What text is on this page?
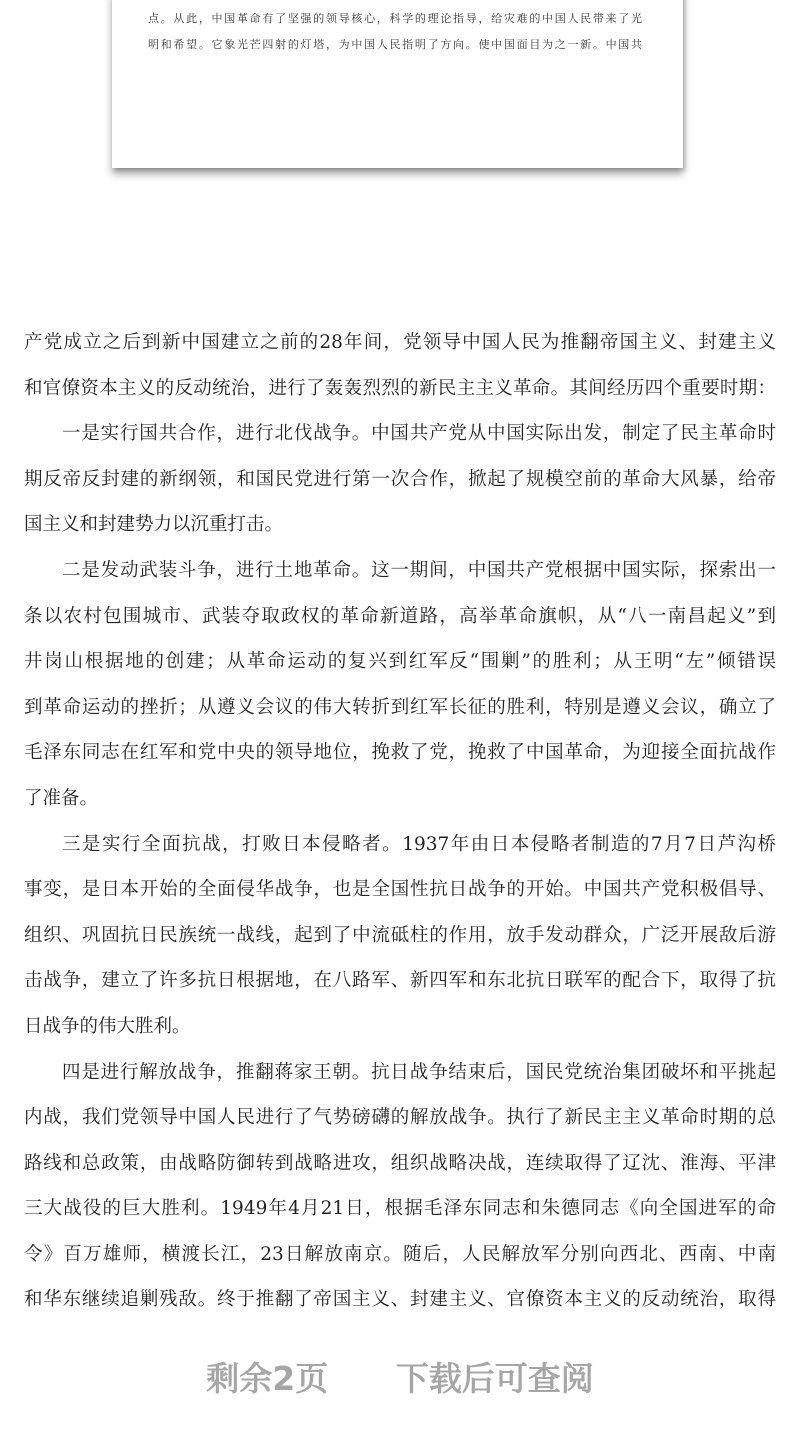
点。从此，中国革命有了坚强的领导核心，科学的理论指导，给灾难的中国人民带来了光
明和希望。它象光芒四射的灯塔，为中国人民指明了方向。使中国面目为之一新。中国共
产党成立之后到新中国建立之前的28年间，党领导中国人民为推翻帝国主义、封建主义
和官僚资本主义的反动统治，进行了轰轰烈烈的新民主主义革命。其间经历四个重要时期：
一是实行国共合作，进行北伐战争。中国共产党从中国实际出发，制定了民主革命时
期反帝反封建的新纲领，和国民党进行第一次合作，掀起了规模空前的革命大风暴，给帝
国主义和封建势力以沉重打击。
二是发动武装斗争，进行土地革命。这一期间，中国共产党根据中国实际，探索出一
条以农村包围城市、武装夺取政权的革命新道路，高举革命旗帜，从“八一南昌起义”到
井岗山根据地的创建；从革命运动的复兴到红军反“围剿”的胜利；从王明“左”倾错误
到革命运动的挫折；从遵义会议的伟大转折到红军长征的胜利，特别是遵义会议，确立了
毛泽东同志在红军和党中央的领导地位，挽救了党，挽救了中国革命，为迎接全面抗战作
了准备。
三是实行全面抗战，打败日本侵略者。1937年由日本侵略者制造的7月7日芦沟桥
事变，是日本开始的全面侵华战争，也是全国性抗日战争的开始。中国共产党积极倡导、
组织、巩固抗日民族统一战线，起到了中流砥柱的作用，放手发动群众，广泛开展敌后游
击战争，建立了许多抗日根据地，在八路军、新四军和东北抗日联军的配合下，取得了抗
日战争的伟大胜利。
四是进行解放战争，推翻蒋家王朝。抗日战争结束后，国民党统治集团破坏和平挑起
内战，我们党领导中国人民进行了气势磅礴的解放战争。执行了新民主主义革命时期的总
路线和总政策，由战略防御转到战略进攻，组织战略决战，连续取得了辽沈、淮海、平津
三大战役的巨大胜利。1949年4月21日，根据毛泽东同志和朱德同志《向全国进军的命
令》百万雄师，横渡长江，23日解放南京。随后，人民解放军分别向西北、西南、中南
和华东继续追剿残敌。终于推翻了帝国主义、封建主义、官僚资本主义的反动统治，取得
剩余2页 下载后可查阅
